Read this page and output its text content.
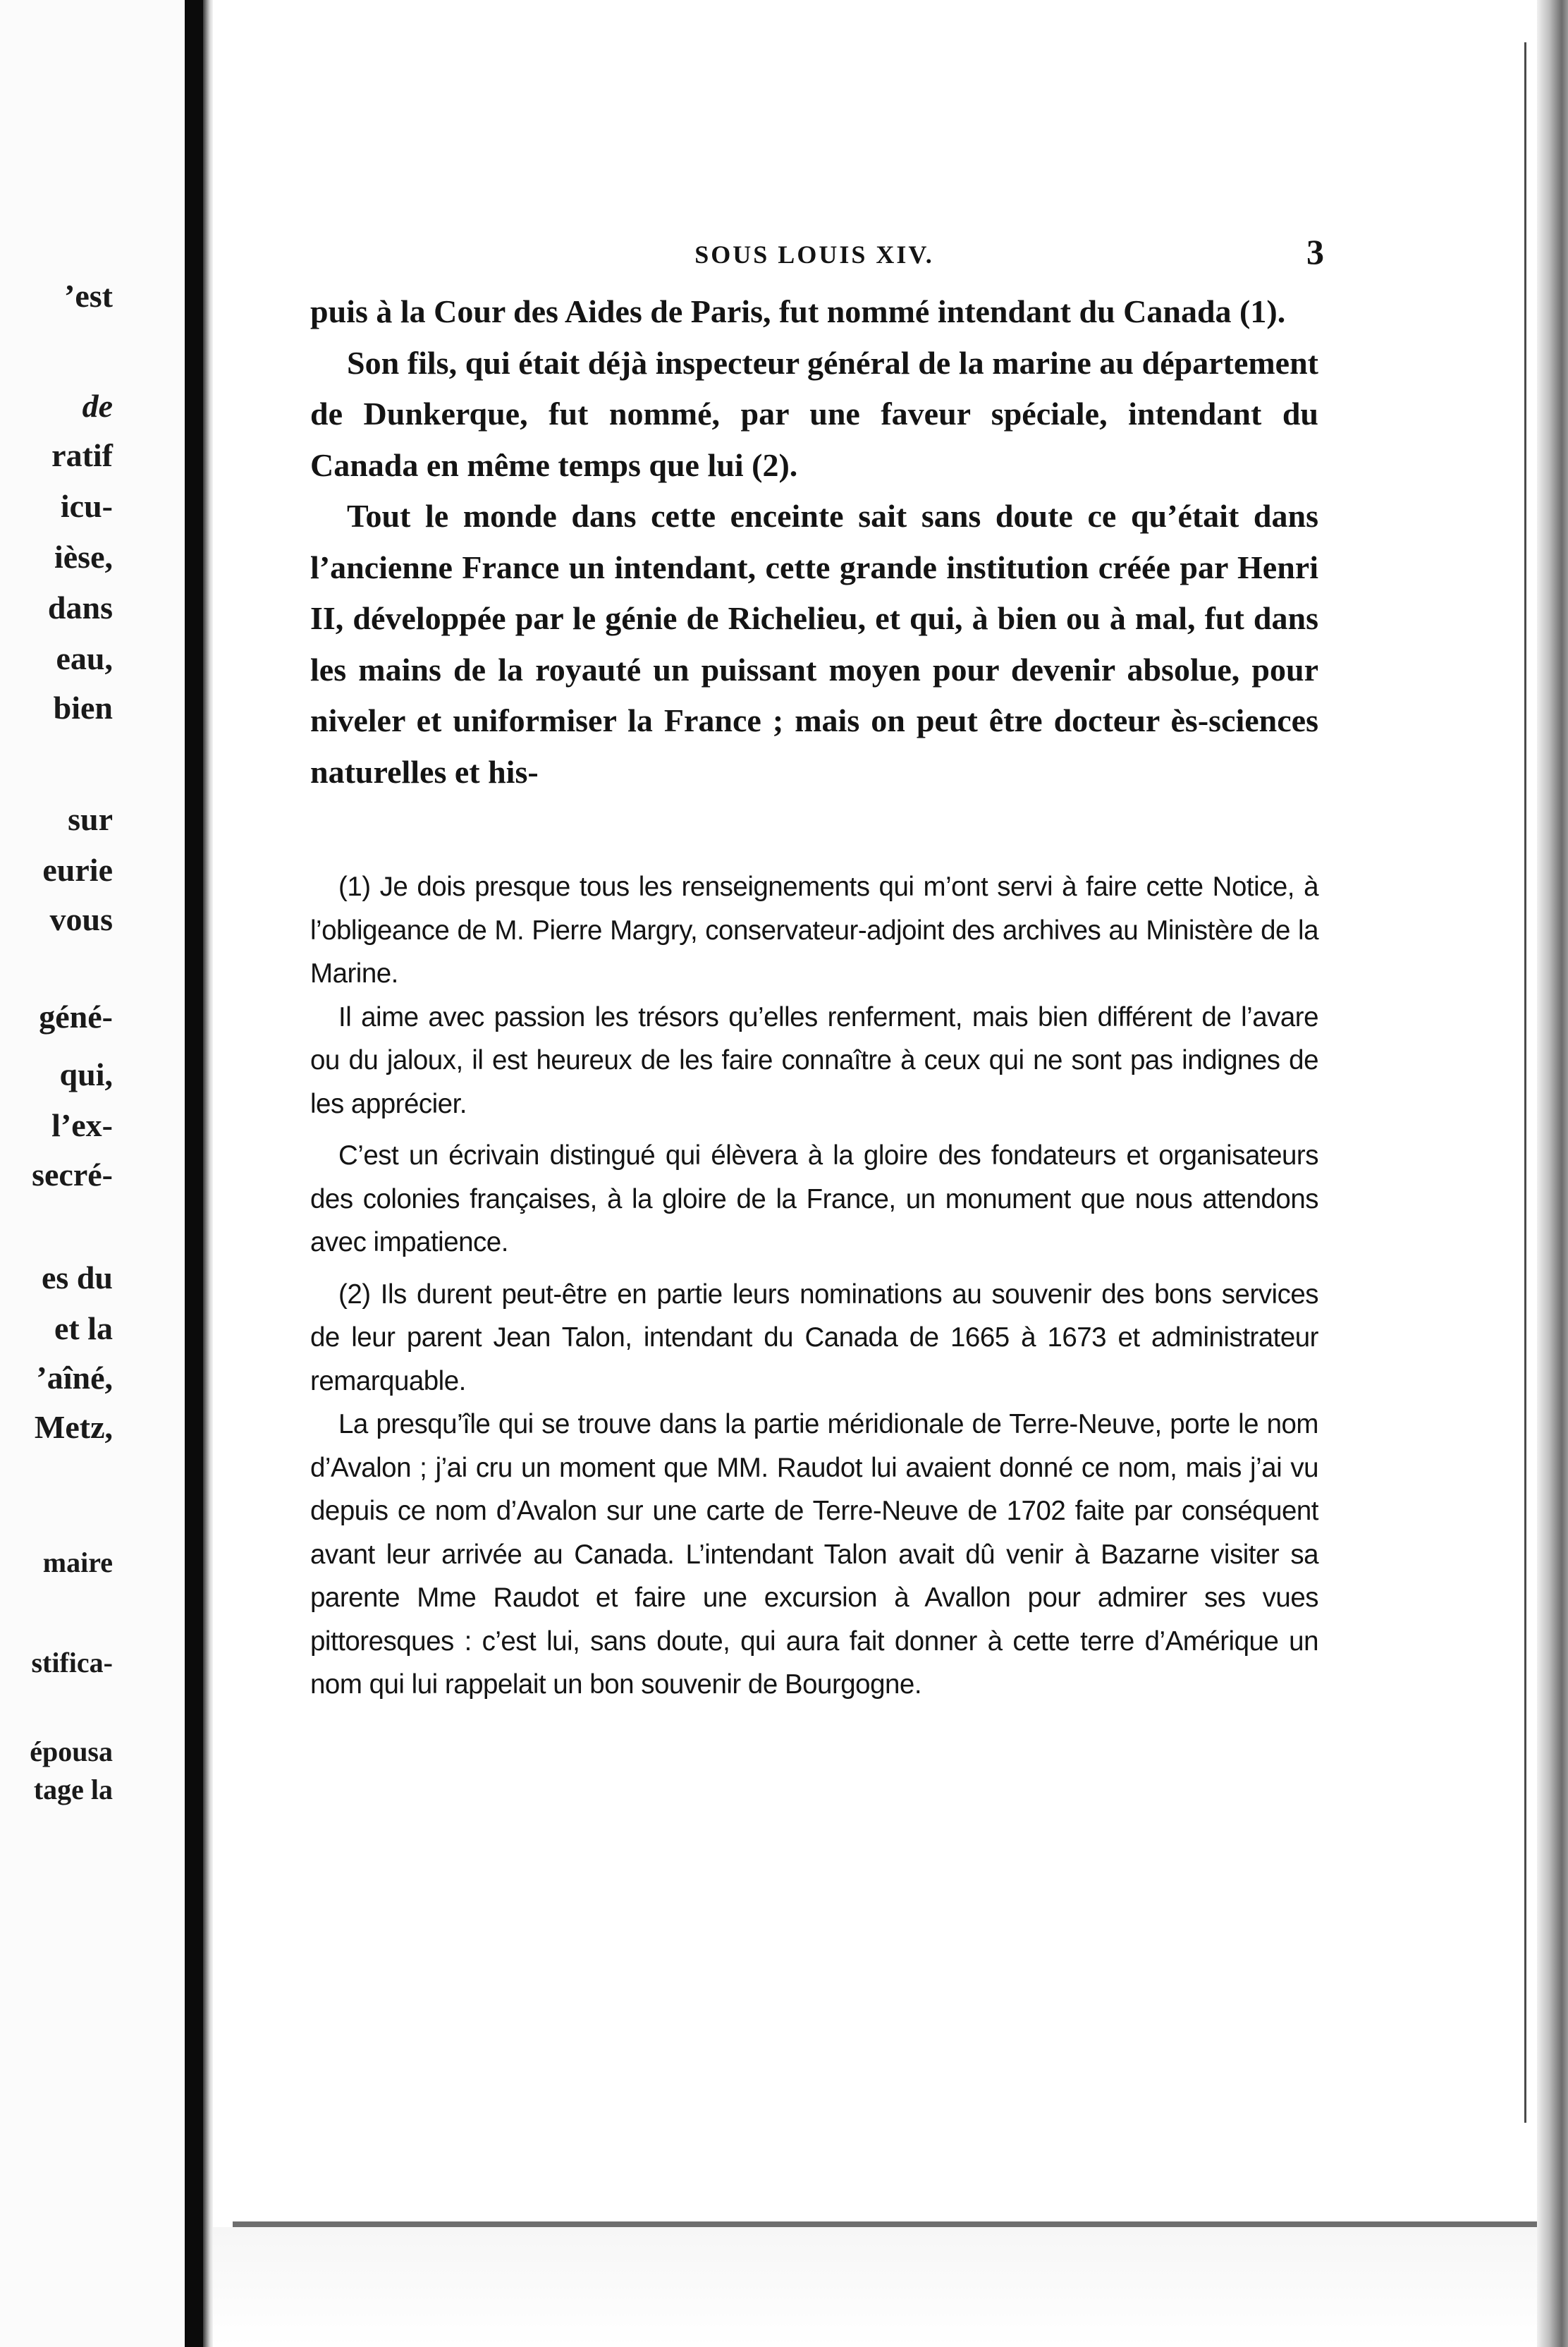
’est
de
ratif
icu-
ièse,
dans
eau,
bien
sur
eurie
vous
géné-
qui,
l’ex-
secré-
es du
et la
’aîné,
Metz,
maire
stifica-
épousa
tage la
SOUS LOUIS XIV.	3

puis à la Cour des Aides de Paris, fut nommé intendant du Canada (1).

Son fils, qui était déjà inspecteur général de la marine au département de Dunkerque, fut nommé, par une faveur spéciale, intendant du Canada en même temps que lui (2).

Tout le monde dans cette enceinte sait sans doute ce qu’était dans l’ancienne France un intendant, cette grande institution créée par Henri II, développée par le génie de Richelieu, et qui, à bien ou à mal, fut dans les mains de la royauté un puissant moyen pour devenir absolue, pour niveler et uniformiser la France ; mais on peut être docteur ès-sciences naturelles et his-

(1) Je dois presque tous les renseignements qui m’ont servi à faire cette Notice, à l’obligeance de M. Pierre Margry, conservateur-adjoint des archives au Ministère de la Marine.

Il aime avec passion les trésors qu’elles renferment, mais bien différent de l’avare ou du jaloux, il est heureux de les faire connaître à ceux qui ne sont pas indignes de les apprécier.

C’est un écrivain distingué qui élèvera à la gloire des fondateurs et organisateurs des colonies françaises, à la gloire de la France, un monument que nous attendons avec impatience.

(2) Ils durent peut-être en partie leurs nominations au souvenir des bons services de leur parent Jean Talon, intendant du Canada de 1665 à 1673 et administrateur remarquable.

La presqu’île qui se trouve dans la partie méridionale de Terre-Neuve, porte le nom d’Avalon ; j’ai cru un moment que MM. Raudot lui avaient donné ce nom, mais j’ai vu depuis ce nom d’Avalon sur une carte de Terre-Neuve de 1702 faite par conséquent avant leur arrivée au Canada. L’intendant Talon avait dû venir à Bazarne visiter sa parente Mme Raudot et faire une excursion à Avallon pour admirer ses vues pittoresques : c’est lui, sans doute, qui aura fait donner à cette terre d’Amérique un nom qui lui rappelait un bon souvenir de Bourgogne.
